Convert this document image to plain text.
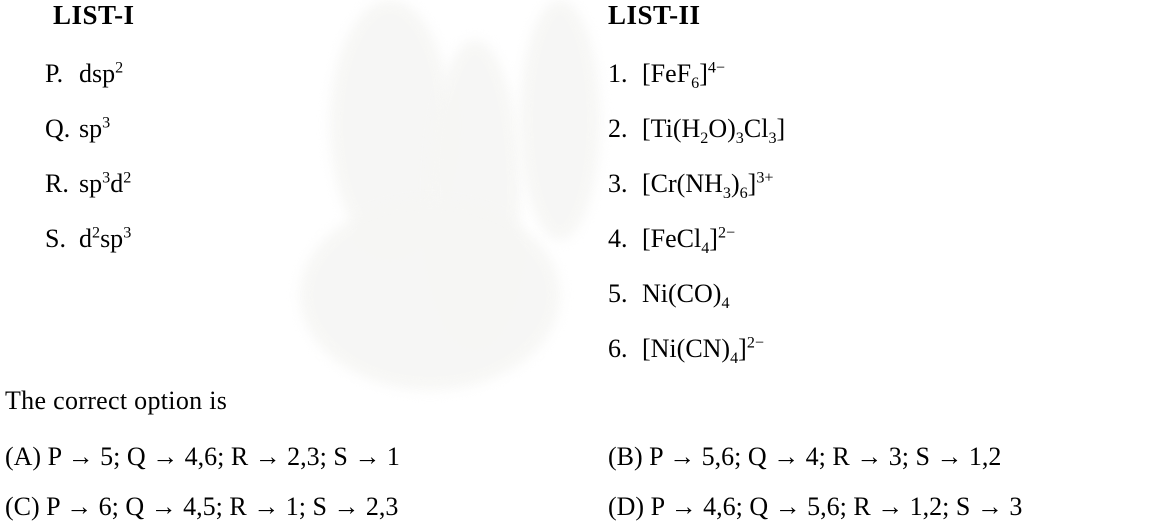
LIST-I
P. dsp$^2$
Q. $sp^3$
R. $sp^3d^2$
S. $d^2sp^3$
LIST-II
1. $[FeF_6]^{4-}$
2. $[Ti(H_2O)_3Cl_3]$
3. $[Cr(NH_3)_6]^{3+}$
4. [FeCl$_4$]$^{2-}$
5. $Ni(CO)_4$
6. $[Ni(CN)_4]^{2-}$
The correct option is
(A) P → 5; Q → 4,6; R → 2,3; S → 1	(B) P → 5,6; Q → 4; R → 3; S → 1,2
(C) P → 6; Q → 4,5; R → 1; S → 2,3	(D) P → 4,6; Q → 5,6; R → 1,2; S → 3
